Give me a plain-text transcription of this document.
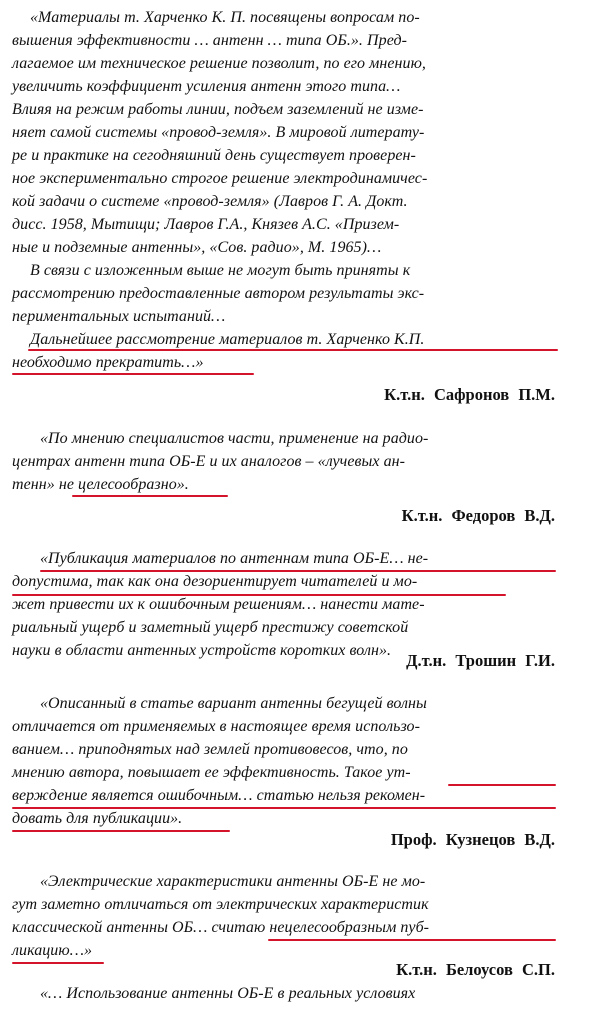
«Материалы т. Харченко К. П. посвящены вопросам по-
вышения эффективности … антенн … типа ОБ.». Пред-
лагаемое им техническое решение позволит, по его мнению,
увеличить коэффициент усиления антенн этого типа…
Влияя на режим работы линии, подъем заземлений не изме-
няет самой системы «провод-земля». В мировой литерату-
ре и практике на сегодняшний день существует проверен-
ное экспериментально строгое решение электродинамичес-
кой задачи о системе «провод-земля» (Лавров Г. А. Докт.
дисс. 1958, Мытищи; Лавров Г.А., Князев А.С. «Призем-
ные и подземные антенны», «Сов. радио», М. 1965)…
В связи с изложенным выше не могут быть приняты к
рассмотрению предоставленные автором результаты экс-
периментальных испытаний…
Дальнейшее рассмотрение материалов т. Харченко К.П.
необходимо прекратить…»
К.т.н. Сафронов П.М.
«По мнению специалистов части, применение на радио-
центрах антенн типа ОБ-Е и их аналогов – «лучевых ан-
тенн» не целесообразно».
К.т.н. Федоров В.Д.
«Публикация материалов по антеннам типа ОБ-Е… не-
допустима, так как она дезориентирует читателей и мо-
жет привести их к ошибочным решениям… нанести мате-
риальный ущерб и заметный ущерб престижу советской
науки в области антенных устройств коротких волн».
Д.т.н. Трошин Г.И.
«Описанный в статье вариант антенны бегущей волны
отличается от применяемых в настоящее время использо-
ванием… приподнятых над землей противовесов, что, по
мнению автора, повышает ее эффективность. Такое ут-
верждение является ошибочным… статью нельзя рекомен-
довать для публикации».
Проф. Кузнецов В.Д.
«Электрические характеристики антенны ОБ-Е не мо-
гут заметно отличаться от электрических характеристик
классической антенны ОБ… считаю нецелесообразным пуб-
ликацию…»
К.т.н. Белоусов С.П.
«… Использование антенны ОБ-Е в реальных условиях
